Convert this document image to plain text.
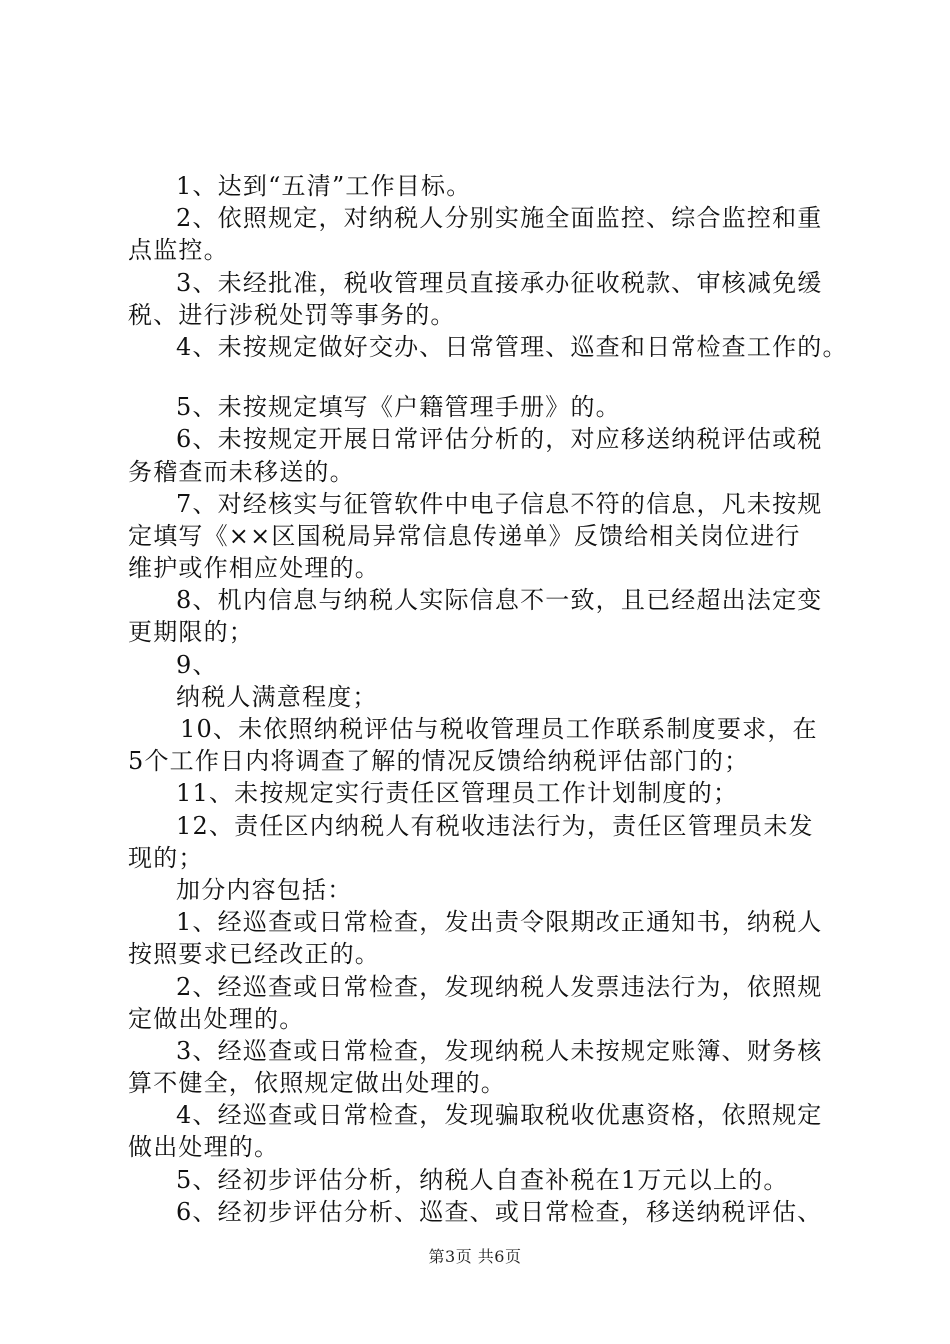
1、达到“五清”工作目标。
2、依照规定，对纳税人分别实施全面监控、综合监控和重
点监控。
3、未经批准，税收管理员直接承办征收税款、审核减免缓
税、进行涉税处罚等事务的。
4、未按规定做好交办、日常管理、巡查和日常检查工作的。
5、未按规定填写《户籍管理手册》的。
6、未按规定开展日常评估分析的，对应移送纳税评估或税
务稽查而未移送的。
7、对经核实与征管软件中电子信息不符的信息，凡未按规
定填写《××区国税局异常信息传递单》反馈给相关岗位进行
维护或作相应处理的。
8、机内信息与纳税人实际信息不一致，且已经超出法定变
更期限的；
9、
纳税人满意程度；
10、未依照纳税评估与税收管理员工作联系制度要求，在
5个工作日内将调查了解的情况反馈给纳税评估部门的；
11、未按规定实行责任区管理员工作计划制度的；
12、责任区内纳税人有税收违法行为，责任区管理员未发
现的；
加分内容包括：
1、经巡查或日常检查，发出责令限期改正通知书，纳税人
按照要求已经改正的。
2、经巡查或日常检查，发现纳税人发票违法行为，依照规
定做出处理的。
3、经巡查或日常检查，发现纳税人未按规定账簿、财务核
算不健全，依照规定做出处理的。
4、经巡查或日常检查，发现骗取税收优惠资格，依照规定
做出处理的。
5、经初步评估分析，纳税人自查补税在1万元以上的。
6、经初步评估分析、巡查、或日常检查，移送纳税评估、
第3页 共6页
